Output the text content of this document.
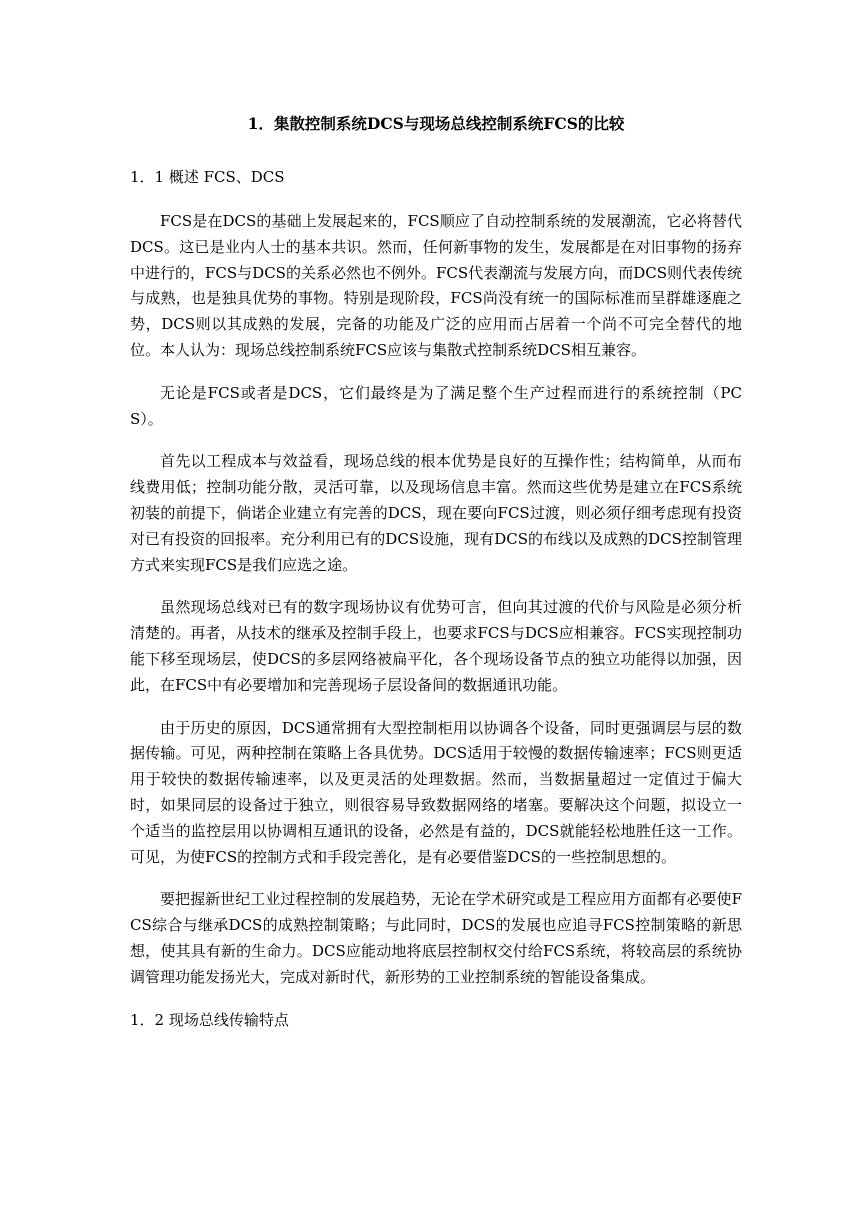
1．集散控制系统DCS与现场总线控制系统FCS的比较
1．1 概述 FCS、DCS

FCS是在DCS的基础上发展起来的，FCS顺应了自动控制系统的发展潮流，它必将替代DCS。这已是业内人士的基本共识。然而，任何新事物的发生，发展都是在对旧事物的扬弃中进行的，FCS与DCS的关系必然也不例外。FCS代表潮流与发展方向，而DCS则代表传统与成熟，也是独具优势的事物。特别是现阶段，FCS尚没有统一的国际标准而呈群雄逐鹿之势，DCS则以其成熟的发展，完备的功能及广泛的应用而占居着一个尚不可完全替代的地位。本人认为：现场总线控制系统FCS应该与集散式控制系统DCS相互兼容。

无论是FCS或者是DCS，它们最终是为了满足整个生产过程而进行的系统控制（PCS）。

首先以工程成本与效益看，现场总线的根本优势是良好的互操作性；结构简单，从而布线费用低；控制功能分散，灵活可靠，以及现场信息丰富。然而这些优势是建立在FCS系统初装的前提下，倘诺企业建立有完善的DCS，现在要向FCS过渡，则必须仔细考虑现有投资对已有投资的回报率。充分利用已有的DCS设施，现有DCS的布线以及成熟的DCS控制管理方式来实现FCS是我们应选之途。

虽然现场总线对已有的数字现场协议有优势可言，但向其过渡的代价与风险是必须分析清楚的。再者，从技术的继承及控制手段上，也要求FCS与DCS应相兼容。FCS实现控制功能下移至现场层，使DCS的多层网络被扁平化，各个现场设备节点的独立功能得以加强，因此，在FCS中有必要增加和完善现场子层设备间的数据通讯功能。

由于历史的原因，DCS通常拥有大型控制柜用以协调各个设备，同时更强调层与层的数据传输。可见，两种控制在策略上各具优势。DCS适用于较慢的数据传输速率；FCS则更适用于较快的数据传输速率，以及更灵活的处理数据。然而，当数据量超过一定值过于偏大时，如果同层的设备过于独立，则很容易导致数据网络的堵塞。要解决这个问题，拟设立一个适当的监控层用以协调相互通讯的设备，必然是有益的，DCS就能轻松地胜任这一工作。可见，为使FCS的控制方式和手段完善化，是有必要借鉴DCS的一些控制思想的。

要把握新世纪工业过程控制的发展趋势，无论在学术研究或是工程应用方面都有必要使FCS综合与继承DCS的成熟控制策略；与此同时，DCS的发展也应追寻FCS控制策略的新思想，使其具有新的生命力。DCS应能动地将底层控制权交付给FCS系统，将较高层的系统协调管理功能发扬光大，完成对新时代，新形势的工业控制系统的智能设备集成。

1．2 现场总线传输特点
